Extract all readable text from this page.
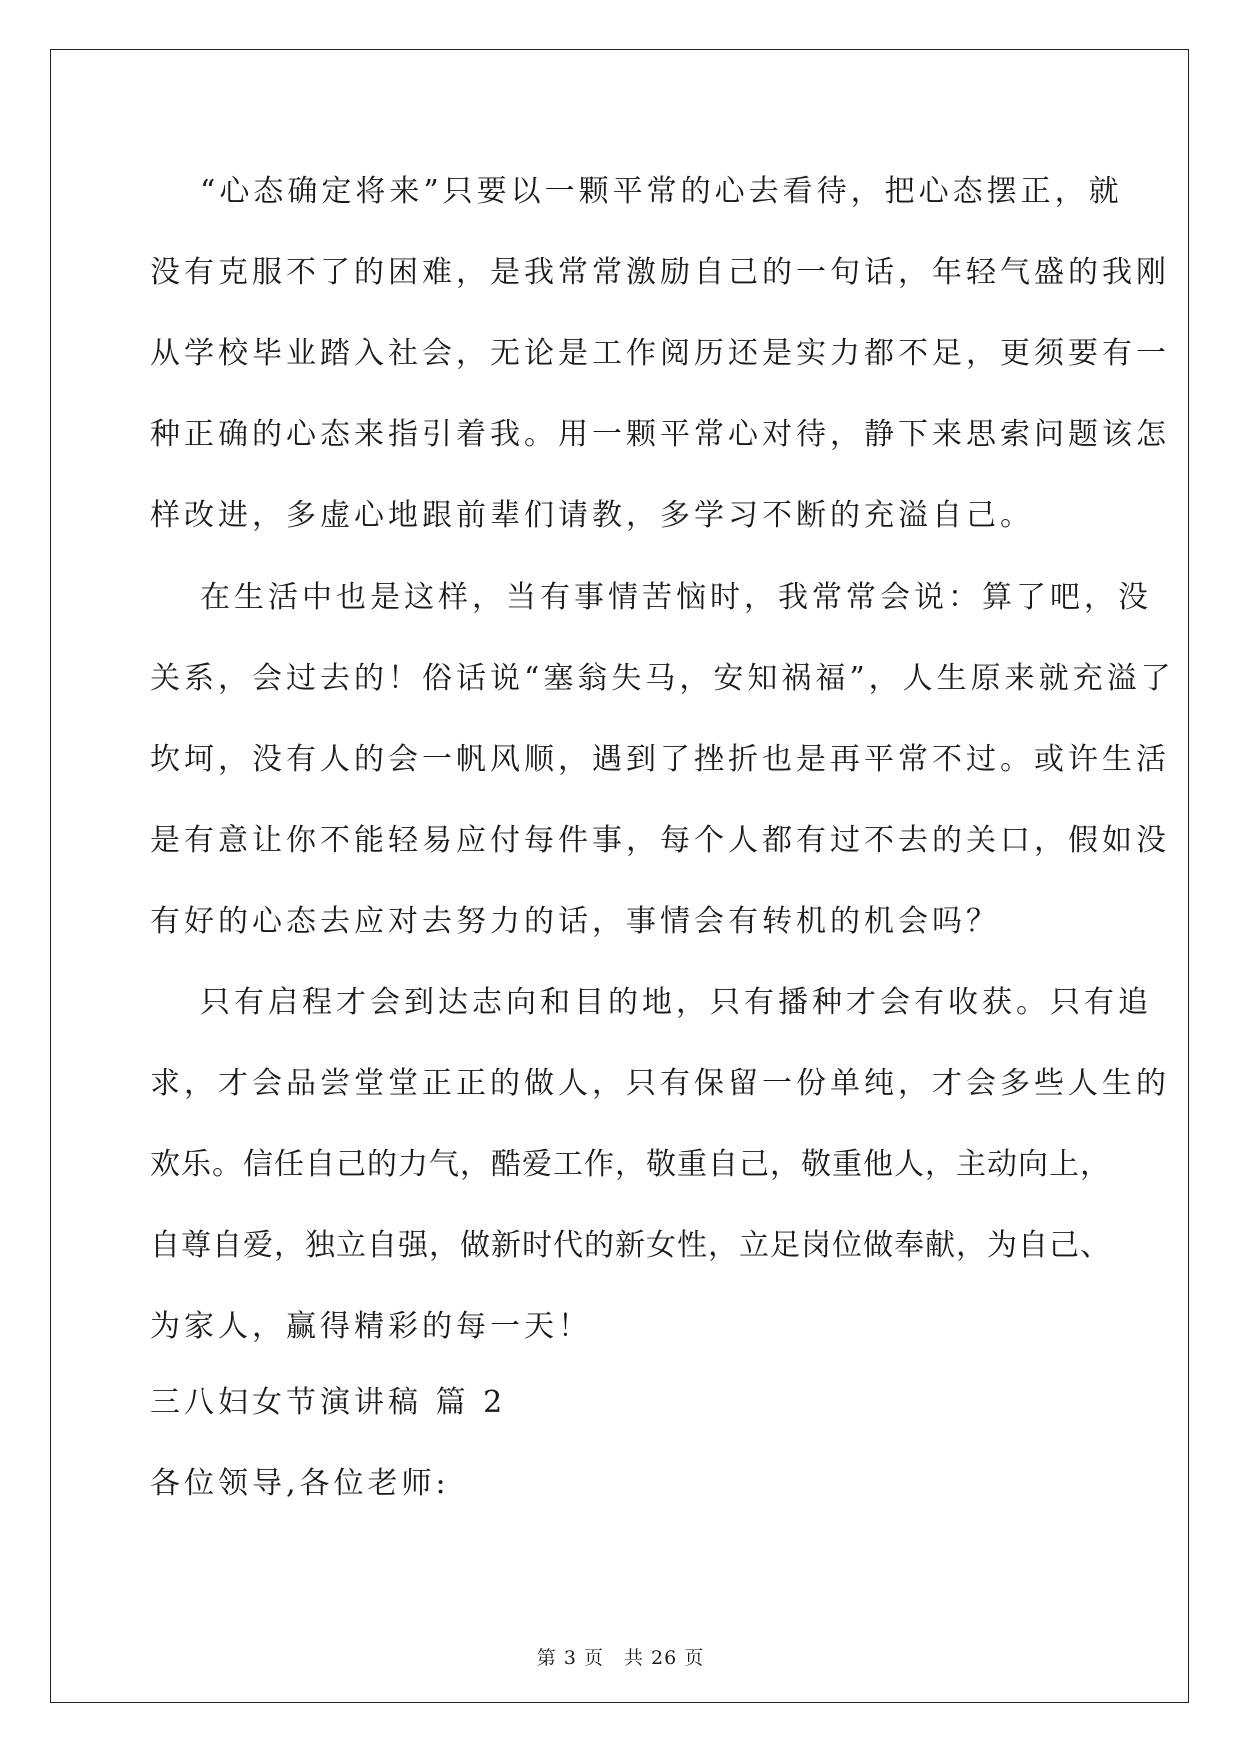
“心态确定将来”只要以一颗平常的心去看待，把心态摆正，就
没有克服不了的困难，是我常常激励自己的一句话，年轻气盛的我刚
从学校毕业踏入社会，无论是工作阅历还是实力都不足，更须要有一
种正确的心态来指引着我。用一颗平常心对待，静下来思索问题该怎
样改进，多虚心地跟前辈们请教，多学习不断的充溢自己。
在生活中也是这样，当有事情苦恼时，我常常会说：算了吧，没
关系，会过去的！俗话说“塞翁失马，安知祸福”，人生原来就充溢了
坎坷，没有人的会一帆风顺，遇到了挫折也是再平常不过。或许生活
是有意让你不能轻易应付每件事，每个人都有过不去的关口，假如没
有好的心态去应对去努力的话，事情会有转机的机会吗？
只有启程才会到达志向和目的地，只有播种才会有收获。只有追
求，才会品尝堂堂正正的做人，只有保留一份单纯，才会多些人生的
欢乐。信任自己的力气，酷爱工作，敬重自己，敬重他人，主动向上，
自尊自爱，独立自强，做新时代的新女性，立足岗位做奉献，为自己、
为家人，赢得精彩的每一天！
三八妇女节演讲稿 篇 2
各位领导,各位老师:
第 3 页　共 26 页
